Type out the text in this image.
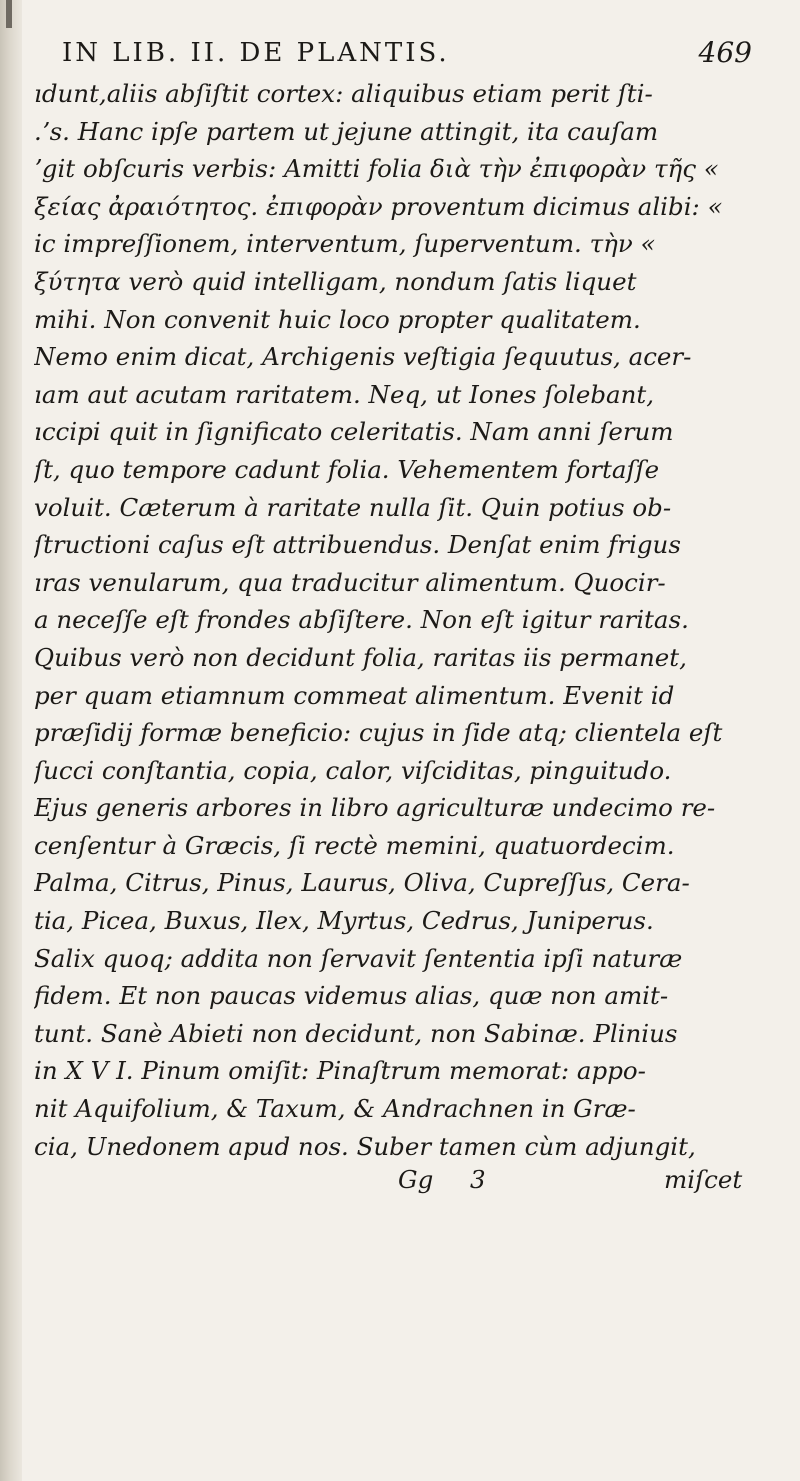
IN LIB. II. DE PLANTIS.	469
ıdunt,aliis abſiſtit cortex: aliquibus etiam perit ſti-
.ʼs. Hanc ipſe partem ut jejune attingit, ita cauſam
ʼgit obſcuris verbis: Amitti folia διὰ τὴν ἐπιφορὰν τῆς «
ξείας ἀραιότητος. ἐπιφορὰν proventum dicimus alibi: «
ic impreſſionem, interventum, ſuperventum. τὴν «
ξύτητα verò quid intelligam, nondum ſatis liquet
mihi. Non convenit huic loco propter qualitatem.
Nemo enim dicat, Archigenis veſtigia ſequutus, acer-
ıam aut acutam raritatem. Neq, ut Iones ſolebant,
ıccipi quit in ſignificato celeritatis. Nam anni ſerum
ſt, quo tempore cadunt folia. Vehementem fortaſſe
voluit. Cæterum à raritate nulla ſit. Quin potius ob-
ſtructioni caſus eſt attribuendus. Denſat enim frigus
ıras venularum, qua traducitur alimentum. Quocir-
a neceſſe eſt frondes abſiſtere. Non eſt igitur raritas.
Quibus verò non decidunt folia, raritas iis permanet,
per quam etiamnum commeat alimentum. Evenit id
præſidij formæ beneficio: cujus in ſide atq; clientela eſt
ſucci conſtantia, copia, calor, viſciditas, pinguitudo.
Ejus generis arbores in libro agriculturæ undecimo re-
cenſentur à Græcis, ſi rectè memini, quatuordecim.
Palma, Citrus, Pinus, Laurus, Oliva, Cupreſſus, Cera-
tia, Picea, Buxus, Ilex, Myrtus, Cedrus, Juniperus.
Salix quoq; addita non ſervavit ſententia ipſi naturæ
fidem. Et non paucas videmus alias, quæ non amit-
tunt. Sanè Abieti non decidunt, non Sabinæ. Plinius
in X V I. Pinum omiſit: Pinaſtrum memorat: appo-
nit Aquifolium, & Taxum, & Andrachnen in Græ-
cia, Unedonem apud nos. Suber tamen cùm adjungit,
Gg 3	miſcet
